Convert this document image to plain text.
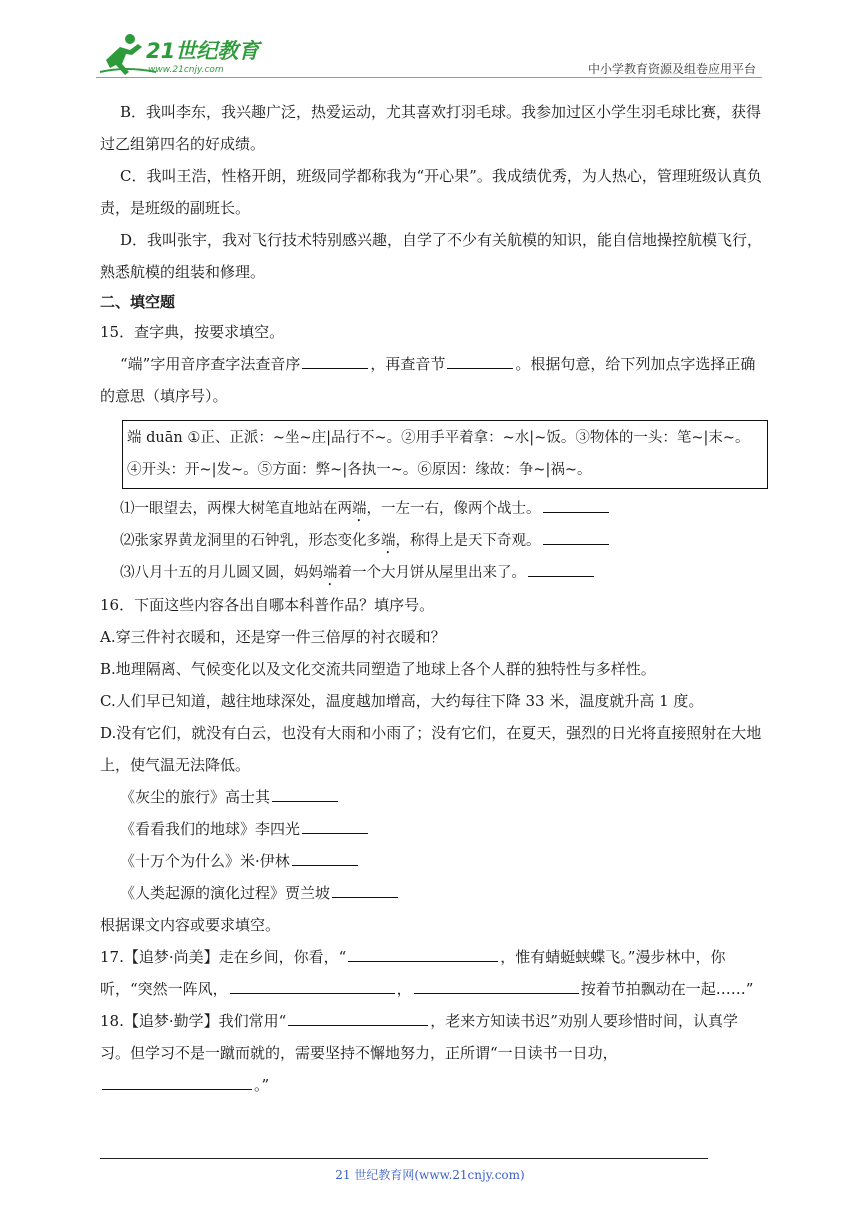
21世纪教育
www.21cnjy.com	中小学教育资源及组卷应用平台

B．我叫李东，我兴趣广泛，热爱运动，尤其喜欢打羽毛球。我参加过区小学生羽毛球比赛，获得过乙组第四名的好成绩。

C．我叫王浩，性格开朗，班级同学都称我为“开心果”。我成绩优秀，为人热心，管理班级认真负责，是班级的副班长。

D．我叫张宇，我对飞行技术特别感兴趣，自学了不少有关航模的知识，能自信地操控航模飞行，熟悉航模的组装和修理。

二、填空题

15．查字典，按要求填空。

“端”字用音序查字法查音序	，再查音节	。根据句意，给下列加点字选择正确的意思（填序号）。

端 duān ①正、正派：~坐~庄|品行不~。②用手平着拿：~水|~饭。③物体的一头：笔~|末~。④开头：开~|发~。⑤方面：弊~|各执一~。⑥原因：缘故：争~|祸~。

⑴一眼望去，两棵大树笔直地站在两端，一左一右，像两个战士。

⑵张家界黄龙洞里的石钟乳，形态变化多端，称得上是天下奇观。

⑶八月十五的月儿圆又圆，妈妈端着一个大月饼从屋里出来了。

16．下面这些内容各出自哪本科普作品？填序号。

A.穿三件衬衣暖和，还是穿一件三倍厚的衬衣暖和？

B.地理隔离、气候变化以及文化交流共同塑造了地球上各个人群的独特性与多样性。

C.人们早已知道，越往地球深处，温度越加增高，大约每往下降 33 米，温度就升高 1 度。

D.没有它们，就没有白云，也没有大雨和小雨了；没有它们，在夏天，强烈的日光将直接照射在大地上，使气温无法降低。

《灰尘的旅行》高士其

《看看我们的地球》李四光

《十万个为什么》米·伊林

《人类起源的演化过程》贾兰坡

根据课文内容或要求填空。

17.【追梦·尚美】走在乡间，你看，“	，惟有蜻蜓蛱蝶飞。”漫步林中，你听，“突然一阵风，	，	按着节拍飘动在一起……”

18.【追梦·勤学】我们常用“	，老来方知读书迟”劝别人要珍惜时间，认真学习。但学习不是一蹴而就的，需要坚持不懈地努力，正所谓“一日读书一日功，。”

21 世纪教育网(www.21cnjy.com)
